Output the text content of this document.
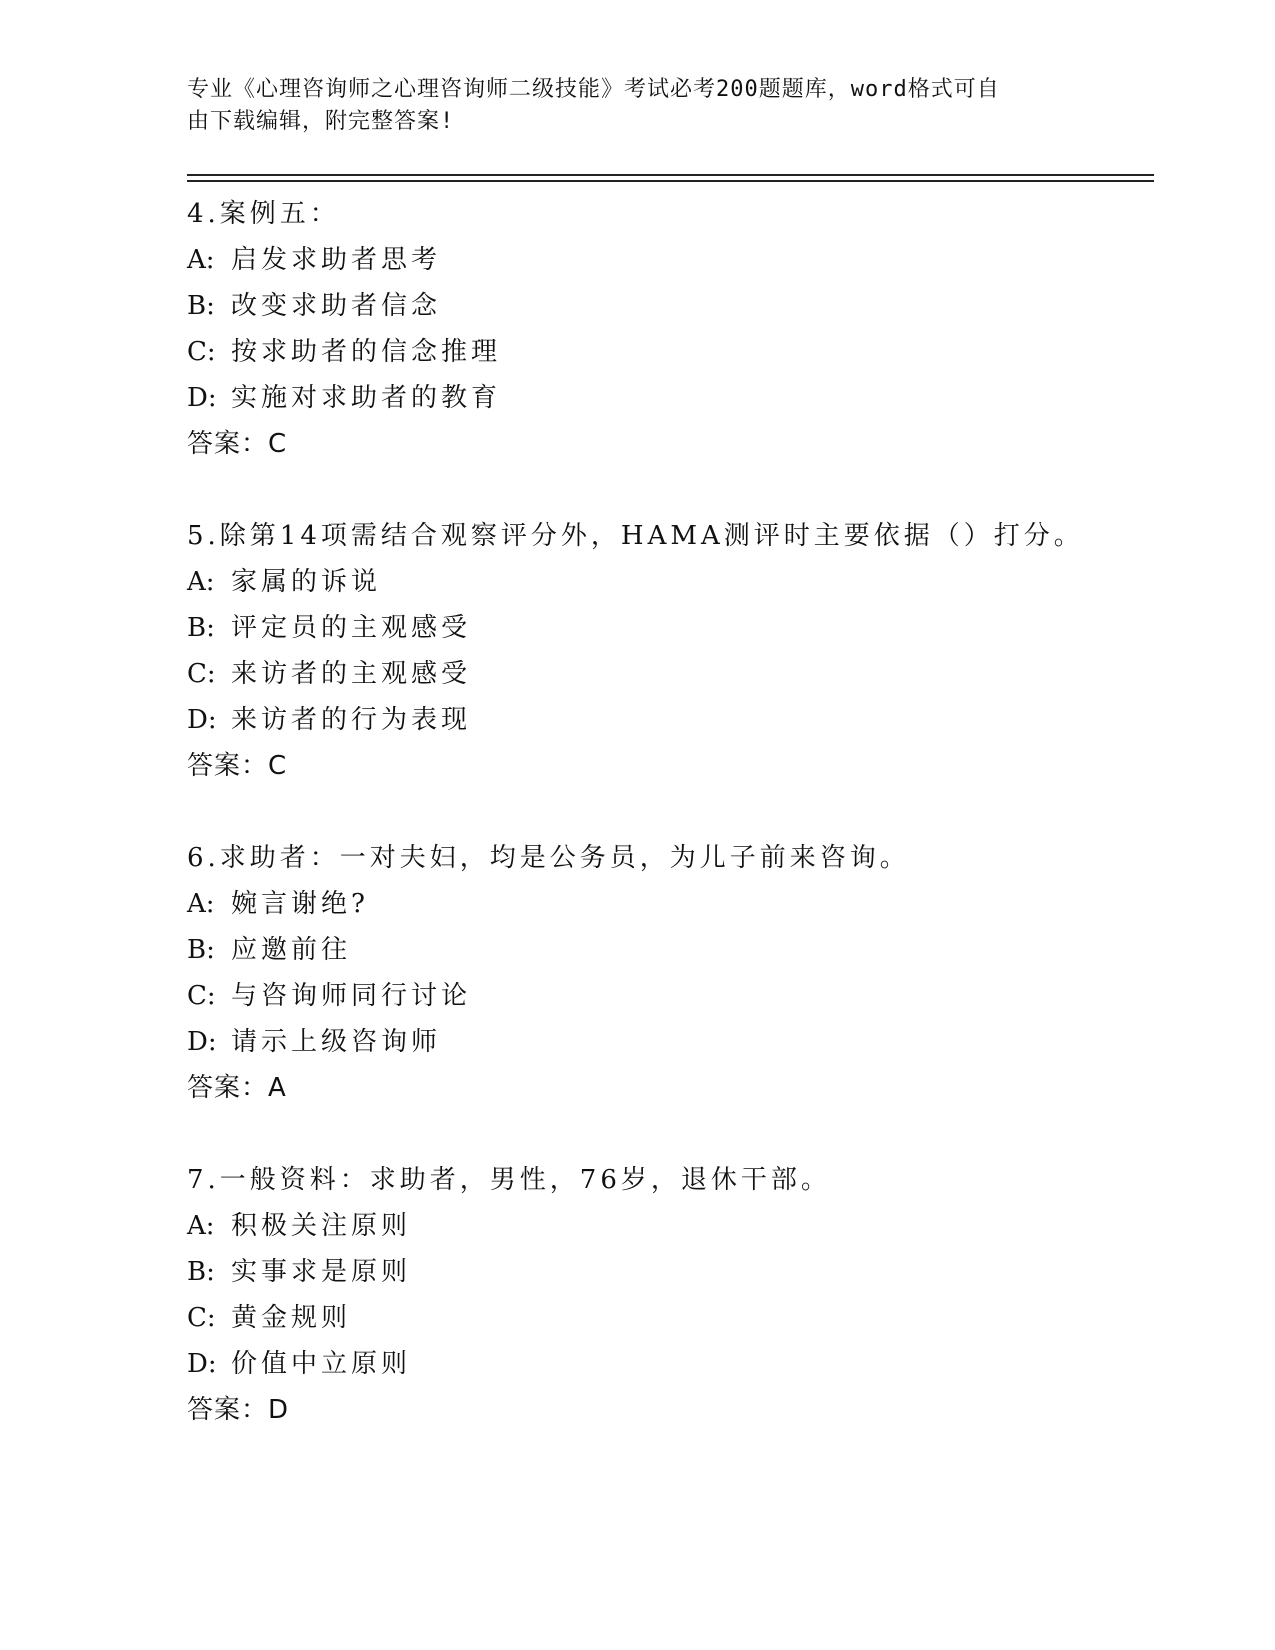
专业《心理咨询师之心理咨询师二级技能》考试必考200题题库，word格式可自
由下载编辑，附完整答案!
4.案例五：
A: 启发求助者思考
B: 改变求助者信念
C: 按求助者的信念推理
D: 实施对求助者的教育
答案：C
5.除第14项需结合观察评分外，HAMA测评时主要依据（）打分。
A: 家属的诉说
B: 评定员的主观感受
C: 来访者的主观感受
D: 来访者的行为表现
答案：C
6.求助者：一对夫妇，均是公务员，为儿子前来咨询。
A: 婉言谢绝?
B: 应邀前往
C: 与咨询师同行讨论
D: 请示上级咨询师
答案：A
7.一般资料：求助者，男性，76岁，退休干部。
A: 积极关注原则
B: 实事求是原则
C: 黄金规则
D: 价值中立原则
答案：D
